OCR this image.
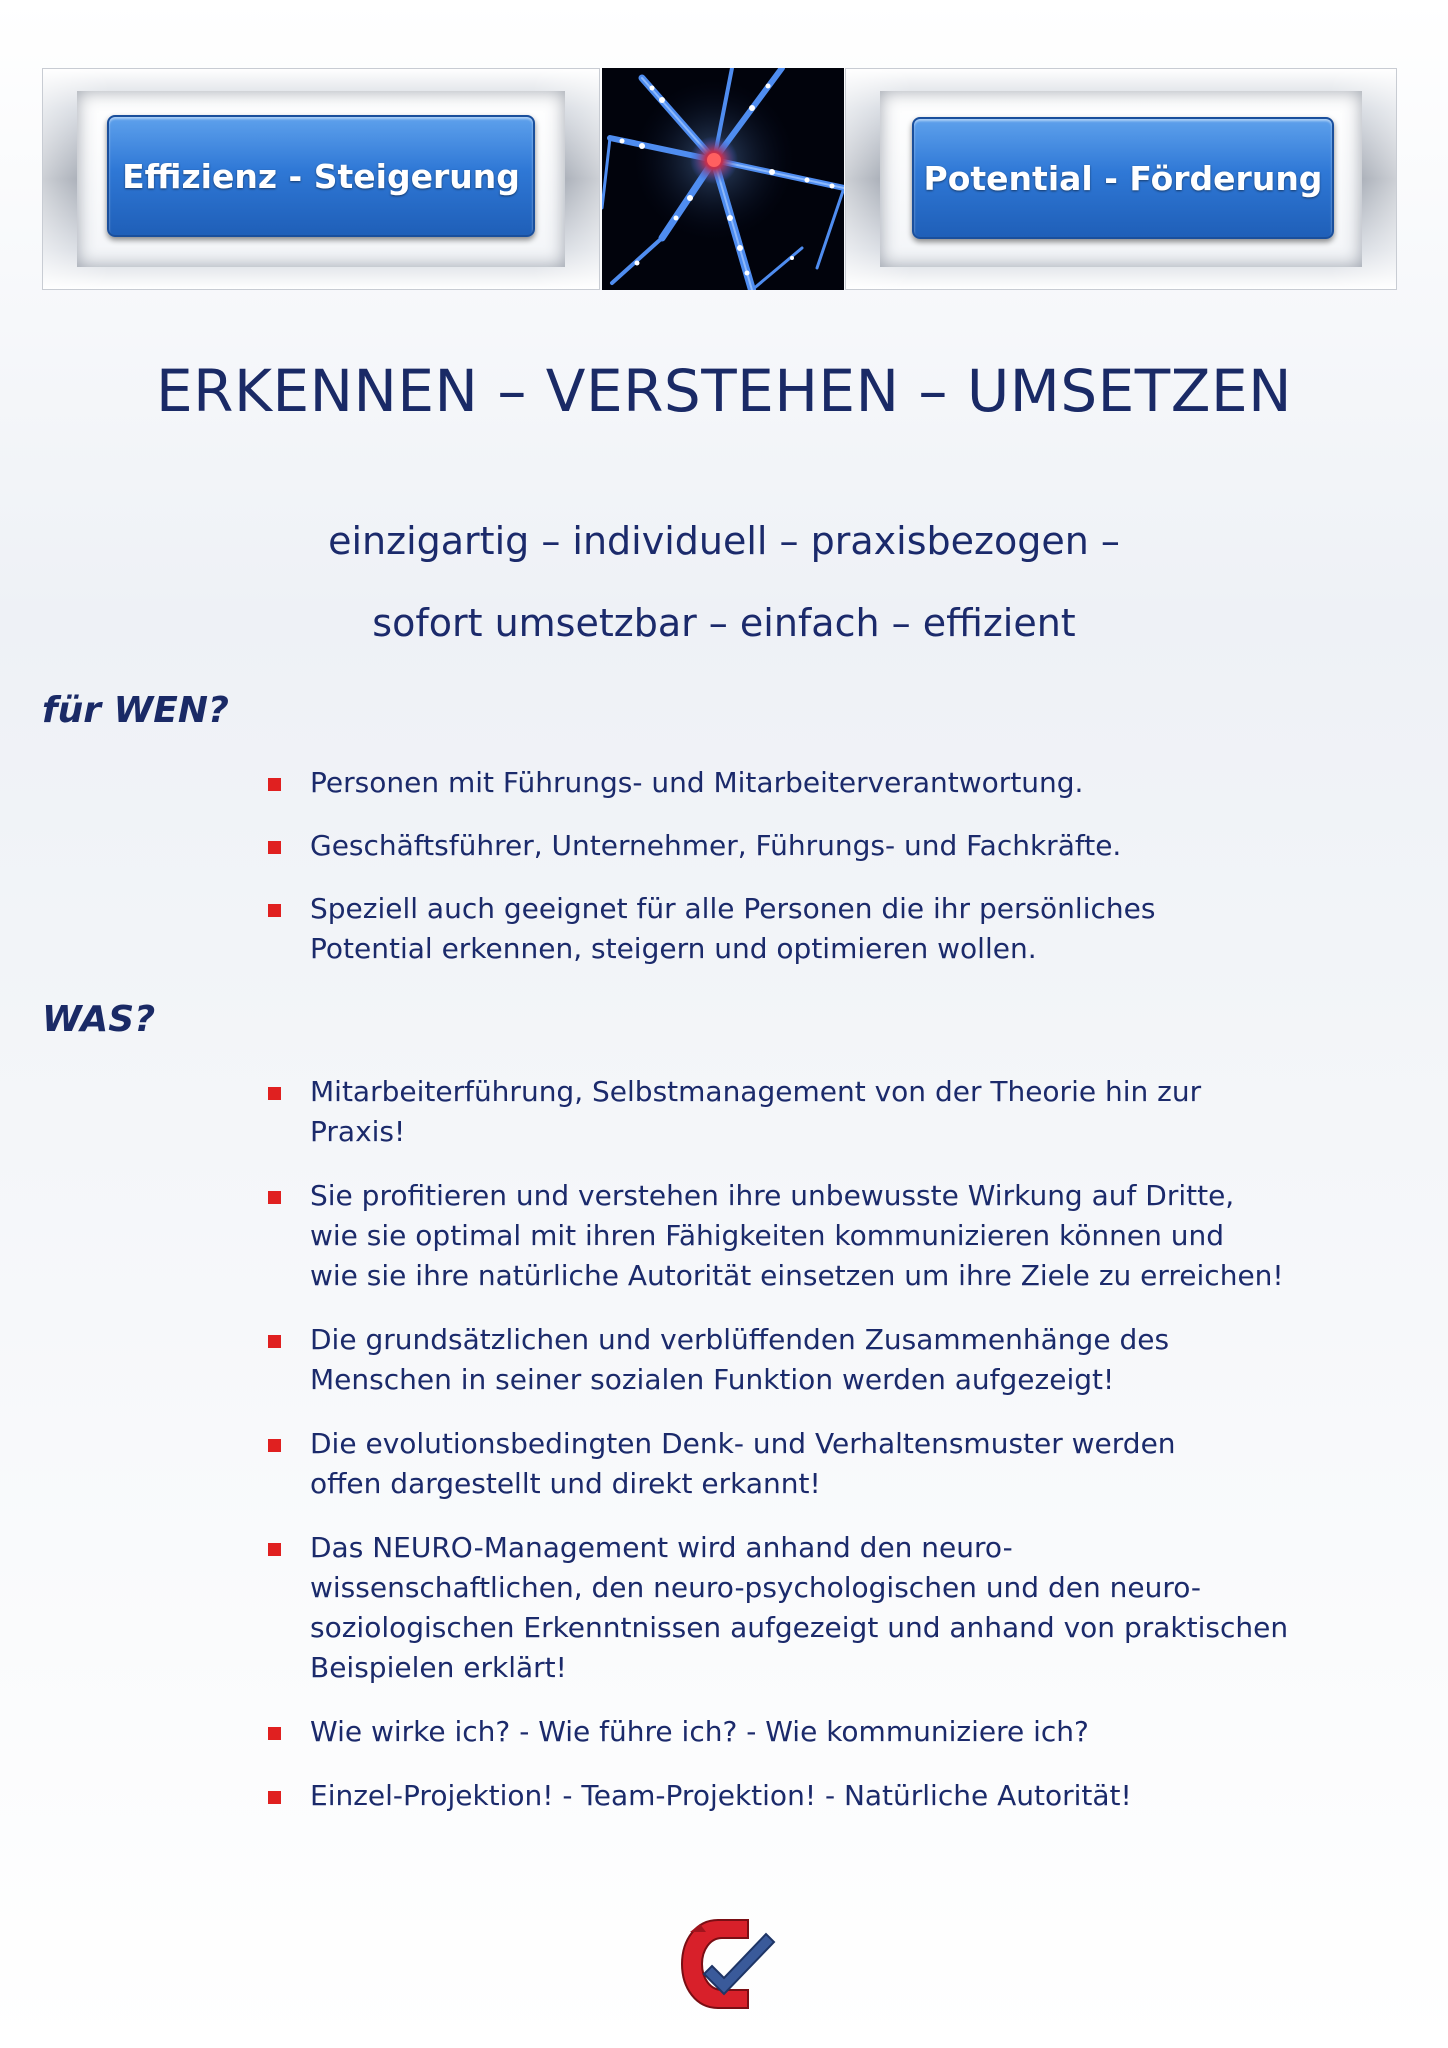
Effizienz - Steigerung	Potential - Förderung
ERKENNEN – VERSTEHEN – UMSETZEN
einzigartig – individuell – praxisbezogen –
sofort umsetzbar – einfach – effizient
für WEN?
Personen mit Führungs- und Mitarbeiterverantwortung.
Geschäftsführer, Unternehmer, Führungs- und Fachkräfte.
Speziell auch geeignet für alle Personen die ihr persönliches
Potential erkennen, steigern und optimieren wollen.
WAS?
Mitarbeiterführung, Selbstmanagement von der Theorie hin zur
Praxis!
Sie profitieren und verstehen ihre unbewusste Wirkung auf Dritte,
wie sie optimal mit ihren Fähigkeiten kommunizieren können und
wie sie ihre natürliche Autorität einsetzen um ihre Ziele zu erreichen!
Die grundsätzlichen und verblüffenden Zusammenhänge des
Menschen in seiner sozialen Funktion werden aufgezeigt!
Die evolutionsbedingten Denk- und Verhaltensmuster werden
offen dargestellt und direkt erkannt!
Das NEURO-Management wird anhand den neuro-
wissenschaftlichen, den neuro-psychologischen und den neuro-
soziologischen Erkenntnissen aufgezeigt und anhand von praktischen
Beispielen erklärt!
Wie wirke ich? - Wie führe ich? - Wie kommuniziere ich?
Einzel-Projektion! - Team-Projektion! - Natürliche Autorität!
